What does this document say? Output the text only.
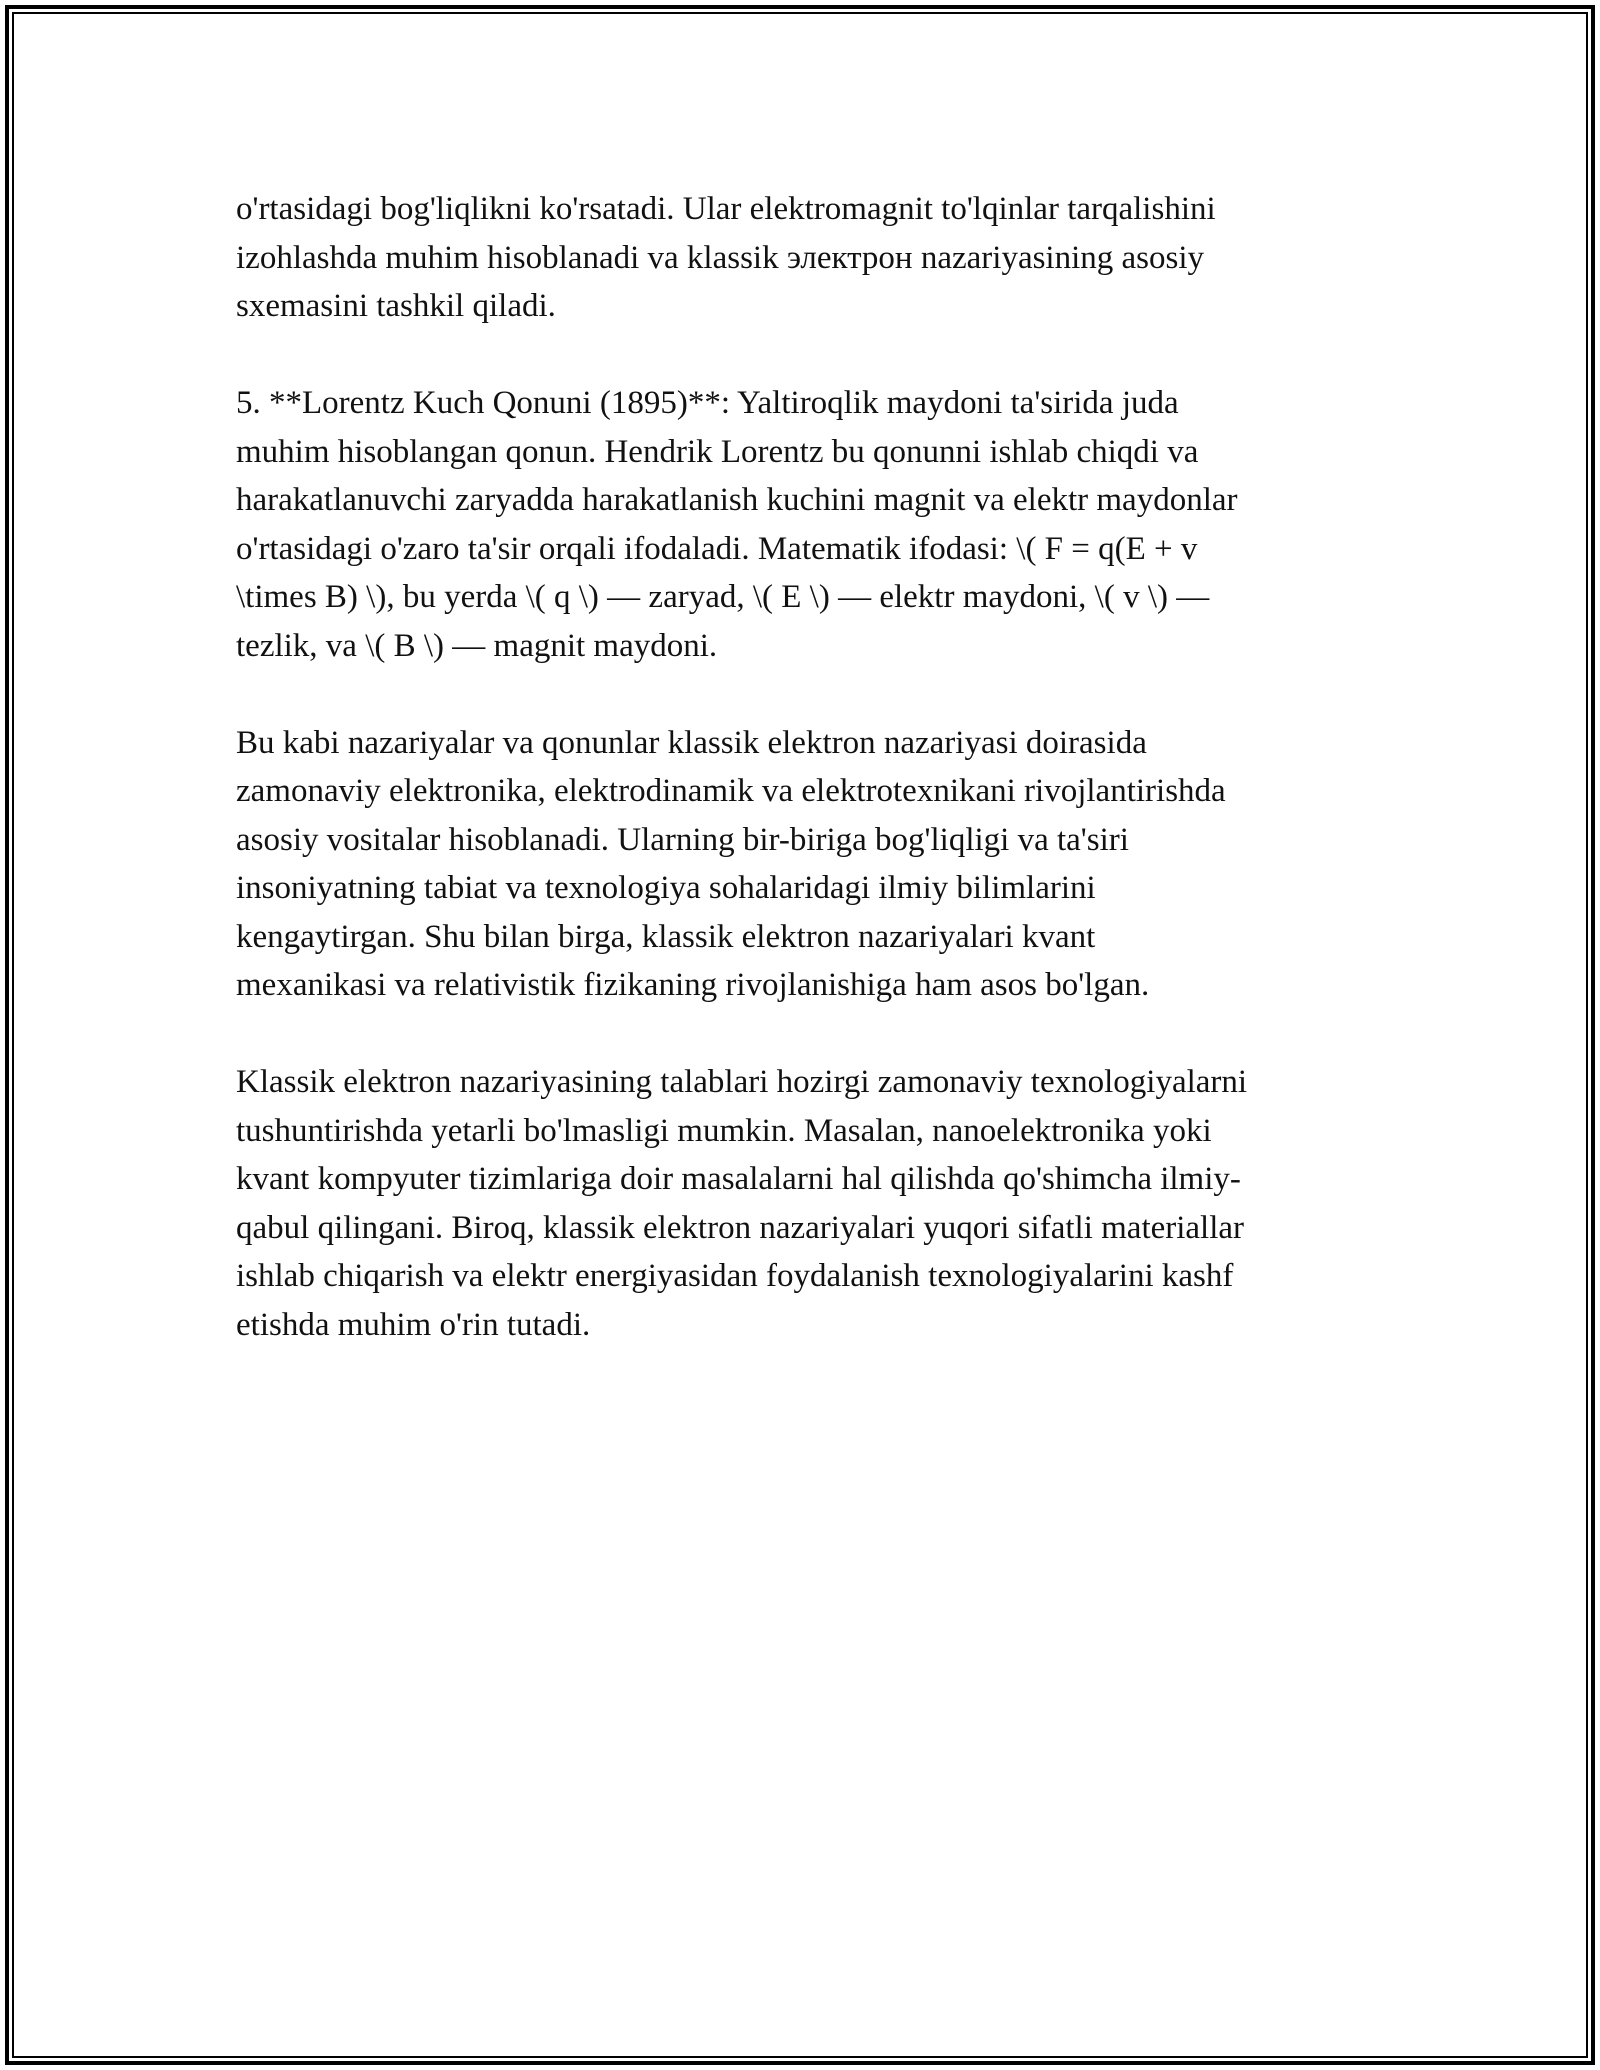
o'rtasidagi bog'liqlikni ko'rsatadi. Ular elektromagnit to'lqinlar tarqalishini
izohlashda muhim hisoblanadi va klassik электрон nazariyasining asosiy
sxemasini tashkil qiladi.
5. **Lorentz Kuch Qonuni (1895)**: Yaltiroqlik maydoni ta'sirida juda
muhim hisoblangan qonun. Hendrik Lorentz bu qonunni ishlab chiqdi va
harakatlanuvchi zaryadda harakatlanish kuchini magnit va elektr maydonlar
o'rtasidagi o'zaro ta'sir orqali ifodaladi. Matematik ifodasi: \( F = q(E + v
\times B) \), bu yerda \( q \) — zaryad, \( E \) — elektr maydoni, \( v \) —
tezlik, va \( B \) — magnit maydoni.
Bu kabi nazariyalar va qonunlar klassik elektron nazariyasi doirasida
zamonaviy elektronika, elektrodinamik va elektrotexnikani rivojlantirishda
asosiy vositalar hisoblanadi. Ularning bir-biriga bog'liqligi va ta'siri
insoniyatning tabiat va texnologiya sohalaridagi ilmiy bilimlarini
kengaytirgan. Shu bilan birga, klassik elektron nazariyalari kvant
mexanikasi va relativistik fizikaning rivojlanishiga ham asos bo'lgan.
Klassik elektron nazariyasining talablari hozirgi zamonaviy texnologiyalarni
tushuntirishda yetarli bo'lmasligi mumkin. Masalan, nanoelektronika yoki
kvant kompyuter tizimlariga doir masalalarni hal qilishda qo'shimcha ilmiy-
qabul qilingani. Biroq, klassik elektron nazariyalari yuqori sifatli materiallar
ishlab chiqarish va elektr energiyasidan foydalanish texnologiyalarini kashf
etishda muhim o'rin tutadi.
